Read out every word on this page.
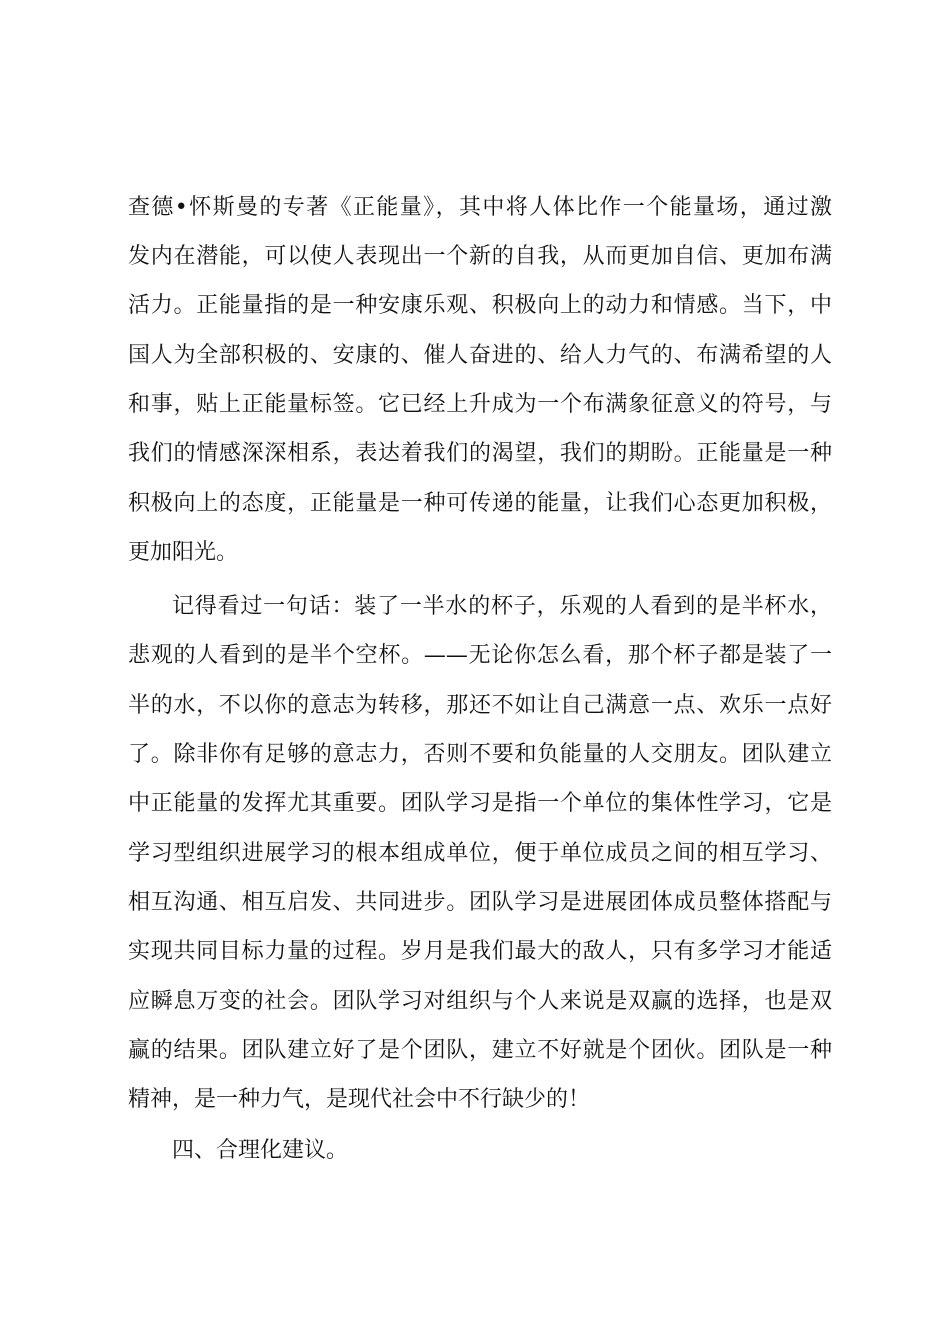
查德•怀斯曼的专著《正能量》，其中将人体比作一个能量场，通过激

发内在潜能，可以使人表现出一个新的自我，从而更加自信、更加布满

活力。正能量指的是一种安康乐观、积极向上的动力和情感。当下，中

国人为全部积极的、安康的、催人奋进的、给人力气的、布满希望的人

和事，贴上正能量标签。它已经上升成为一个布满象征意义的符号，与

我们的情感深深相系，表达着我们的渴望，我们的期盼。正能量是一种

积极向上的态度，正能量是一种可传递的能量，让我们心态更加积极，

更加阳光。

记得看过一句话：装了一半水的杯子，乐观的人看到的是半杯水，

悲观的人看到的是半个空杯。——无论你怎么看，那个杯子都是装了一

半的水，不以你的意志为转移，那还不如让自己满意一点、欢乐一点好

了。除非你有足够的意志力，否则不要和负能量的人交朋友。团队建立

中正能量的发挥尤其重要。团队学习是指一个单位的集体性学习，它是

学习型组织进展学习的根本组成单位，便于单位成员之间的相互学习、

相互沟通、相互启发、共同进步。团队学习是进展团体成员整体搭配与

实现共同目标力量的过程。岁月是我们最大的敌人，只有多学习才能适

应瞬息万变的社会。团队学习对组织与个人来说是双赢的选择，也是双

赢的结果。团队建立好了是个团队，建立不好就是个团伙。团队是一种

精神，是一种力气，是现代社会中不行缺少的！

四、合理化建议。
